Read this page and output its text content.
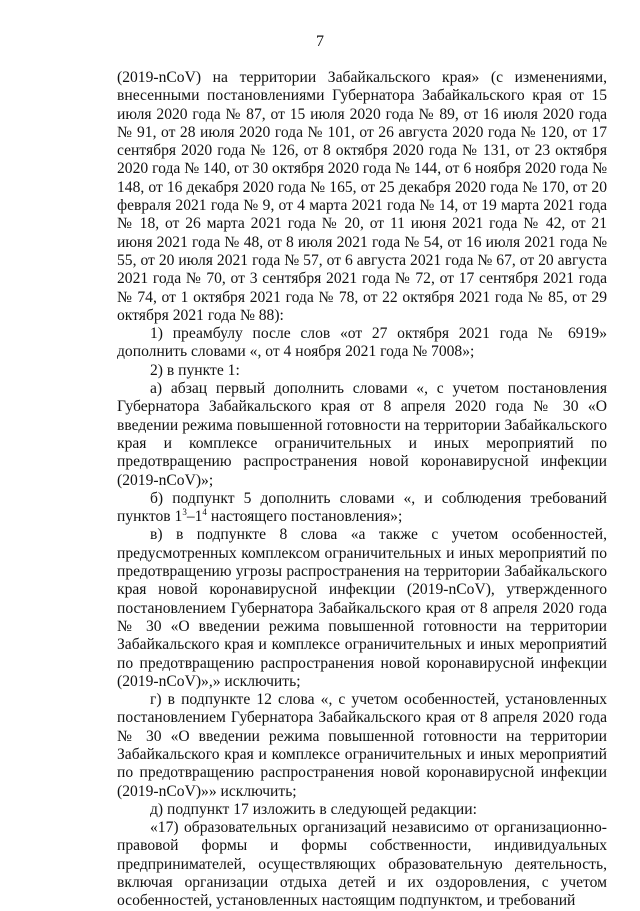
7

(2019-nCoV) на территории Забайкальского края» (с изменениями, внесенными постановлениями Губернатора Забайкальского края от 15 июля 2020 года № 87, от 15 июля 2020 года № 89, от 16 июля 2020 года № 91, от 28 июля 2020 года № 101, от 26 августа 2020 года № 120, от 17 сентября 2020 года № 126, от 8 октября 2020 года № 131, от 23 октября 2020 года № 140, от 30 октября 2020 года № 144, от 6 ноября 2020 года № 148, от 16 декабря 2020 года № 165, от 25 декабря 2020 года № 170, от 20 февраля 2021 года № 9, от 4 марта 2021 года № 14, от 19 марта 2021 года № 18, от 26 марта 2021 года № 20, от 11 июня 2021 года № 42, от 21 июня 2021 года № 48, от 8 июля 2021 года № 54, от 16 июля 2021 года № 55, от 20 июля 2021 года № 57, от 6 августа 2021 года № 67, от 20 августа 2021 года № 70, от 3 сентября 2021 года № 72, от 17 сентября 2021 года № 74, от 1 октября 2021 года № 78, от 22 октября 2021 года № 85, от 29 октября 2021 года № 88):

1) преамбулу после слов «от 27 октября 2021 года № 6919» дополнить словами «, от 4 ноября 2021 года № 7008»;

2) в пункте 1:

а) абзац первый дополнить словами «, с учетом постановления Губернатора Забайкальского края от 8 апреля 2020 года № 30 «О введении режима повышенной готовности на территории Забайкальского края и комплексе ограничительных и иных мероприятий по предотвращению распространения новой коронавирусной инфекции (2019-nCoV)»;

б) подпункт 5 дополнить словами «, и соблюдения требований пунктов $1^3-1^4$ настоящего постановления»;

в) в подпункте 8 слова «а также с учетом особенностей, предусмотренных комплексом ограничительных и иных мероприятий по предотвращению угрозы распространения на территории Забайкальского края новой коронавирусной инфекции (2019-nCoV), утвержденного постановлением Губернатора Забайкальского края от 8 апреля 2020 года № 30 «О введении режима повышенной готовности на территории Забайкальского края и комплексе ограничительных и иных мероприятий по предотвращению распространения новой коронавирусной инфекции (2019-nCoV)»,» исключить;

г) в подпункте 12 слова «, с учетом особенностей, установленных постановлением Губернатора Забайкальского края от 8 апреля 2020 года № 30 «О введении режима повышенной готовности на территории Забайкальского края и комплексе ограничительных и иных мероприятий по предотвращению распространения новой коронавирусной инфекции (2019-nCoV)»» исключить;

д) подпункт 17 изложить в следующей редакции:

«17) образовательных организаций независимо от организационно-правовой формы и формы собственности, индивидуальных предпринимателей, осуществляющих образовательную деятельность, включая организации отдыха детей и их оздоровления, с учетом особенностей, установленных настоящим подпунктом, и требований
